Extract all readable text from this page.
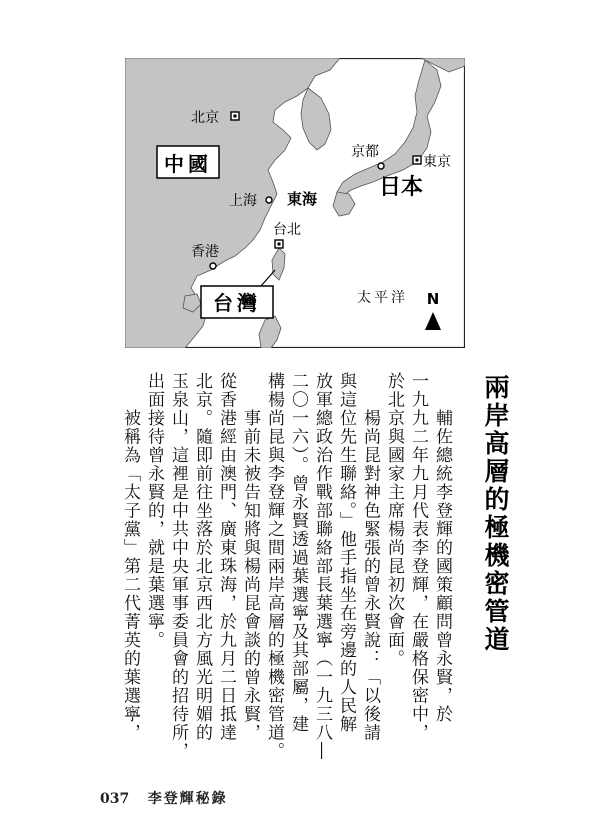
北京
中國	京都
東京
日本
上海 東海
香港
台北
台灣	太平洋 N
兩岸高層的極機密管道
　　輔佐總統李登輝的國策顧問曾永賢，於
一九九二年九月代表李登輝，在嚴格保密中，
於北京與國家主席楊尚昆初次會面。
　　楊尚昆對神色緊張的曾永賢說：「以後請
與這位先生聯絡。」他手指坐在旁邊的人民解
放軍總政治作戰部聯絡部長葉選寧（一九三八―
二〇一六）。曾永賢透過葉選寧及其部屬，建
構楊尚昆與李登輝之間兩岸高層的極機密管道。
　　事前未被告知將與楊尚昆會談的曾永賢，
從香港經由澳門、廣東珠海，於九月二日抵達
北京。隨即前往坐落於北京西北方風光明媚的
玉泉山，這裡是中共中央軍事委員會的招待所，
出面接待曾永賢的，就是葉選寧。
　　被稱為「太子黨」第二代菁英的葉選寧，
037 李登輝秘錄
